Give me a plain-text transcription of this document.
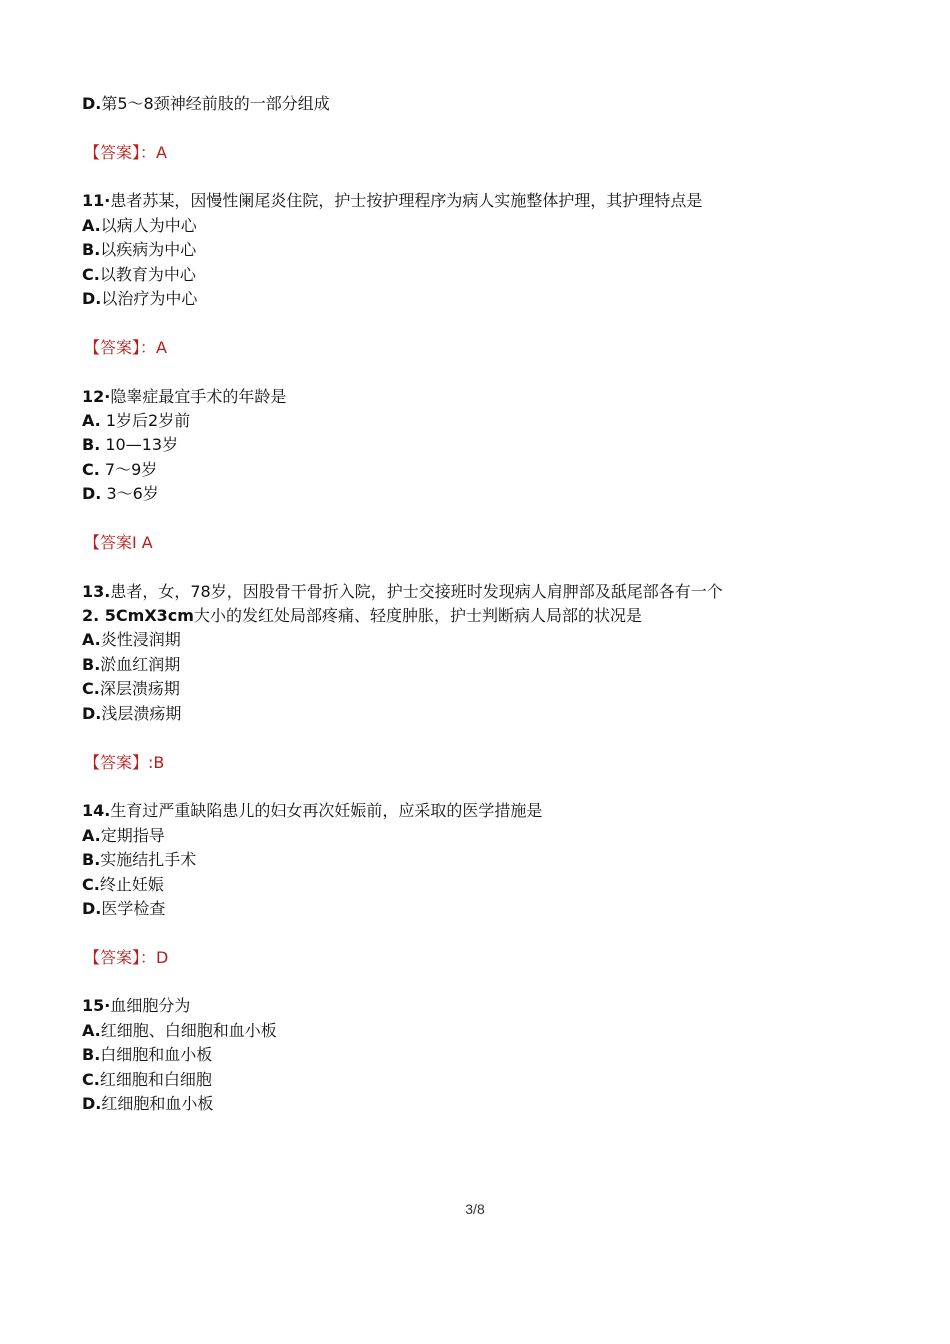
D.第5〜8颈神经前肢的一部分组成
【答案】：A
11·患者苏某，因慢性阑尾炎住院，护士按护理程序为病人实施整体护理，其护理特点是
A.以病人为中心
B.以疾病为中心
C.以教育为中心
D.以治疗为中心
【答案】：A
12·隐睾症最宜手术的年龄是
A. 1岁后2岁前
B. 10—13岁
C. 7〜9岁
D. 3〜6岁
【答案I A
13.患者，女，78岁，因股骨干骨折入院，护士交接班时发现病人肩胛部及舐尾部各有一个
2. 5CmX3cm大小的发红处局部疼痛、轻度肿胀，护士判断病人局部的状况是
A.炎性浸润期
B.淤血红润期
C.深层溃疡期
D.浅层溃疡期
【答案】:B
14.生育过严重缺陷患儿的妇女再次妊娠前，应采取的医学措施是
A.定期指导
B.实施结扎手术
C.终止妊娠
D.医学检查
【答案】：D
15·血细胞分为
A.红细胞、白细胞和血小板
B.白细胞和血小板
C.红细胞和白细胞
D.红细胞和血小板
3/8
